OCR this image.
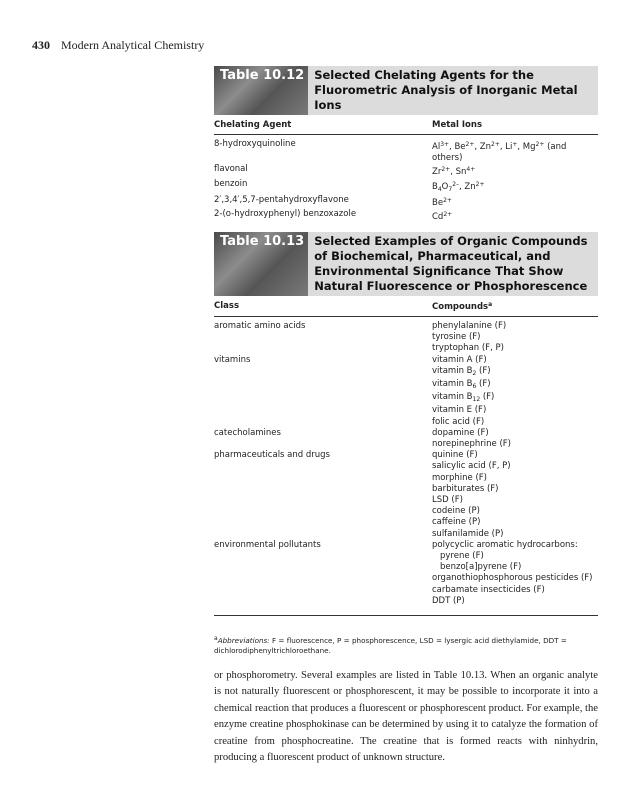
430 Modern Analytical Chemistry
Table 10.12 Selected Chelating Agents for the Fluorometric Analysis of Inorganic Metal Ions
Chelating Agent	Metal Ions
8-hydroxyquinoline	$Al^{3+}$, $Be^{2+}$, $Zn^{2+}$, Li+, $Mg^{2+}$ (and others)
flavonal	$Zr^{2+}$, $Sn^{4+}$
benzoin	$B_4O_7^{2-}$, $Zn^{2+}$
2′,3,4′,5,7-pentahydroxyflavone	$Be^{2+}$
2-(o-hydroxyphenyl) benzoxazole	$Cd^{2+}$
Table 10.13 Selected Examples of Organic Compounds of Biochemical, Pharmaceutical, and Environmental Significance That Show Natural Fluorescence or Phosphorescence
Class	Compounds$^a$
aromatic amino acids	phenylalanine (F)
tyrosine (F)
tryptophan (F, P)
vitamins	vitamin A (F)
vitamin $B_2$ (F)
vitamin $B_6$ (F)
vitamin $B_{12}$ (F)
vitamin E (F)
folic acid (F)
catecholamines	dopamine (F)
norepinephrine (F)
pharmaceuticals and drugs	quinine (F)
salicylic acid (F, P)
morphine (F)
barbiturates (F)
LSD (F)
codeine (P)
caffeine (P)
sulfanilamide (P)
environmental pollutants	polycyclic aromatic hydrocarbons:
pyrene (F)
benzo[a]pyrene (F)
organothiophosphorous pesticides (F)
carbamate insecticides (F)
DDT (P)
$^a$Abbreviations: F = fluorescence, P = phosphorescence, LSD = lysergic acid diethylamide, DDT = dichlorodiphenyltrichloroethane.
or phosphorometry. Several examples are listed in Table 10.13. When an organic analyte is not naturally fluorescent or phosphorescent, it may be possible to incorporate it into a chemical reaction that produces a fluorescent or phosphorescent product. For example, the enzyme creatine phosphokinase can be determined by using it to catalyze the formation of creatine from phosphocreatine. The creatine that is formed reacts with ninhydrin, producing a fluorescent product of unknown structure.
